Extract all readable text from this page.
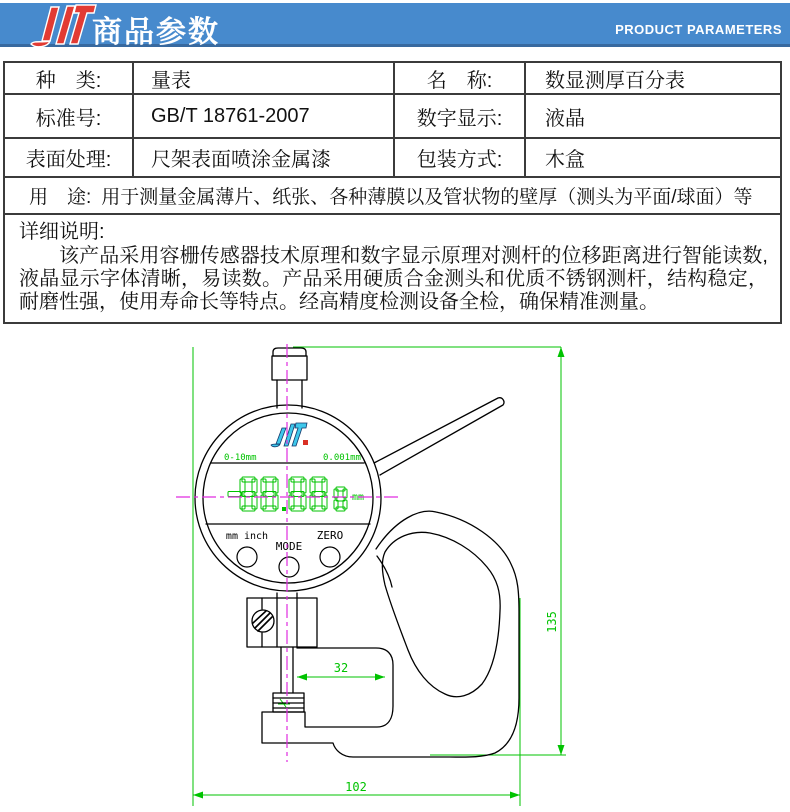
商品参数	PRODUCT PARAMETERS
种　类:	量表	名　称:	数显测厚百分表
标准号:	GB/T 18761-2007	数字显示:	液晶
表面处理:	尺架表面喷涂金属漆	包装方式:	木盒
用　途: 用于测量金属薄片、纸张、各种薄膜以及管状物的壁厚（测头为平面/球面）等
详细说明:

该产品采用容栅传感器技术原理和数字显示原理对测杆的位移距离进行智能读数,液晶显示字体清晰，易读数。产品采用硬质合金测头和优质不锈钢测杆，结构稳定，耐磨性强，使用寿命长等特点。经高精度检测设备全检，确保精准测量。

135
102
32
0-10mm	0.001mm
mm
mm inch
MODE
ZERO
